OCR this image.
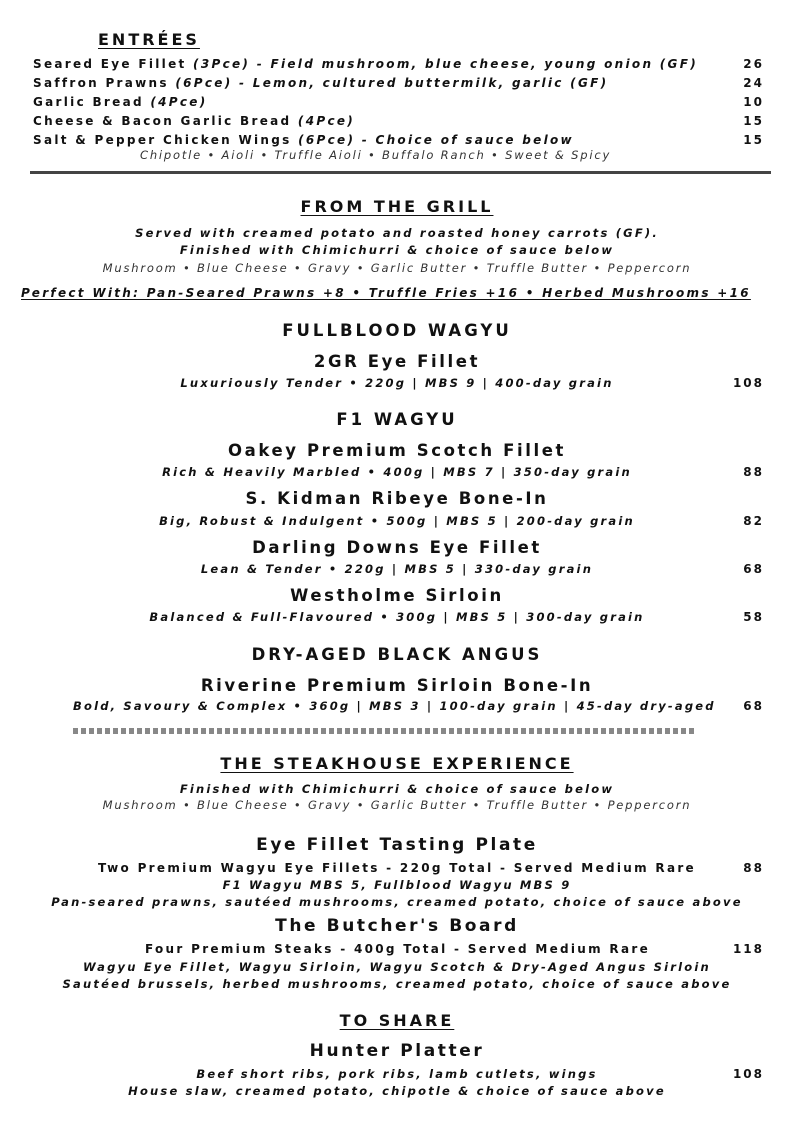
ENTRÉES
Seared Eye Fillet (3Pce) - Field mushroom, blue cheese, young onion (GF)	26
Saffron Prawns (6Pce) - Lemon, cultured buttermilk, garlic (GF)	24
Garlic Bread (4Pce)	10
Cheese & Bacon Garlic Bread (4Pce)	15
Salt & Pepper Chicken Wings (6Pce) - Choice of sauce below	15
Chipotle • Aioli • Truffle Aioli • Buffalo Ranch • Sweet & Spicy
FROM THE GRILL
Served with creamed potato and roasted honey carrots (GF).
Finished with Chimichurri & choice of sauce below
Mushroom • Blue Cheese • Gravy • Garlic Butter • Truffle Butter • Peppercorn
Perfect With: Pan-Seared Prawns +8 • Truffle Fries +16 • Herbed Mushrooms +16
FULLBLOOD WAGYU
2GR Eye Fillet
Luxuriously Tender • 220g | MBS 9 | 400-day grain	108
F1 WAGYU
Oakey Premium Scotch Fillet
Rich & Heavily Marbled • 400g | MBS 7 | 350-day grain	88
S. Kidman Ribeye Bone-In
Big, Robust & Indulgent • 500g | MBS 5 | 200-day grain	82
Darling Downs Eye Fillet
Lean & Tender • 220g | MBS 5 | 330-day grain	68
Westholme Sirloin
Balanced & Full-Flavoured • 300g | MBS 5 | 300-day grain	58
DRY-AGED BLACK ANGUS
Riverine Premium Sirloin Bone-In
Bold, Savoury & Complex • 360g | MBS 3 | 100-day grain | 45-day dry-aged 68
THE STEAKHOUSE EXPERIENCE
Finished with Chimichurri & choice of sauce below
Mushroom • Blue Cheese • Gravy • Garlic Butter • Truffle Butter • Peppercorn
Eye Fillet Tasting Plate
Two Premium Wagyu Eye Fillets - 220g Total - Served Medium Rare	88
F1 Wagyu MBS 5, Fullblood Wagyu MBS 9
Pan-seared prawns, sautéed mushrooms, creamed potato, choice of sauce above
The Butcher's Board
Four Premium Steaks - 400g Total - Served Medium Rare	118
Wagyu Eye Fillet, Wagyu Sirloin, Wagyu Scotch & Dry-Aged Angus Sirloin
Sautéed brussels, herbed mushrooms, creamed potato, choice of sauce above
TO SHARE
Hunter Platter
Beef short ribs, pork ribs, lamb cutlets, wings	108
House slaw, creamed potato, chipotle & choice of sauce above
